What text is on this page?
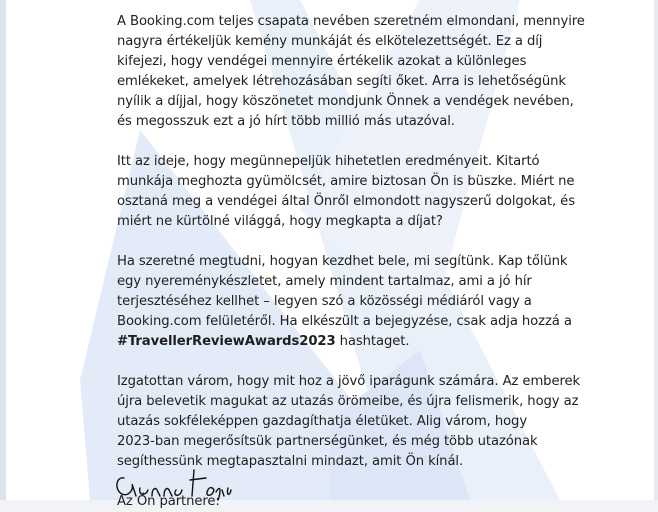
A Booking.com teljes csapata nevében szeretném elmondani, mennyire
nagyra értékeljük kemény munkáját és elkötelezettségét. Ez a díj
kifejezi, hogy vendégei mennyire értékelik azokat a különleges
emlékeket, amelyek létrehozásában segíti őket. Arra is lehetőségünk
nyílik a díjjal, hogy köszönetet mondjunk Önnek a vendégek nevében,
és megosszuk ezt a jó hírt több millió más utazóval.

Itt az ideje, hogy megünnepeljük hihetetlen eredményeit. Kitartó
munkája meghozta gyümölcsét, amire biztosan Ön is büszke. Miért ne
osztaná meg a vendégei által Önről elmondott nagyszerű dolgokat, és
miért ne kürtölné világgá, hogy megkapta a díjat?

Ha szeretné megtudni, hogyan kezdhet bele, mi segítünk. Kap tőlünk
egy nyereménykészletet, amely mindent tartalmaz, ami a jó hír
terjesztéséhez kellhet – legyen szó a közösségi médiáról vagy a
Booking.com felületéről. Ha elkészült a bejegyzése, csak adja hozzá a
#TravellerReviewAwards2023 hashtaget.

Izgatottan várom, hogy mit hoz a jövő iparágunk számára. Az emberek
újra belevetik magukat az utazás örömeibe, és újra felismerik, hogy az
utazás sokféleképpen gazdagíthatja életüket. Alig várom, hogy
2023-ban megerősítsük partnerségünket, és még több utazónak
segíthessünk megtapasztalni mindazt, amit Ön kínál.

Az Ön partnere:
